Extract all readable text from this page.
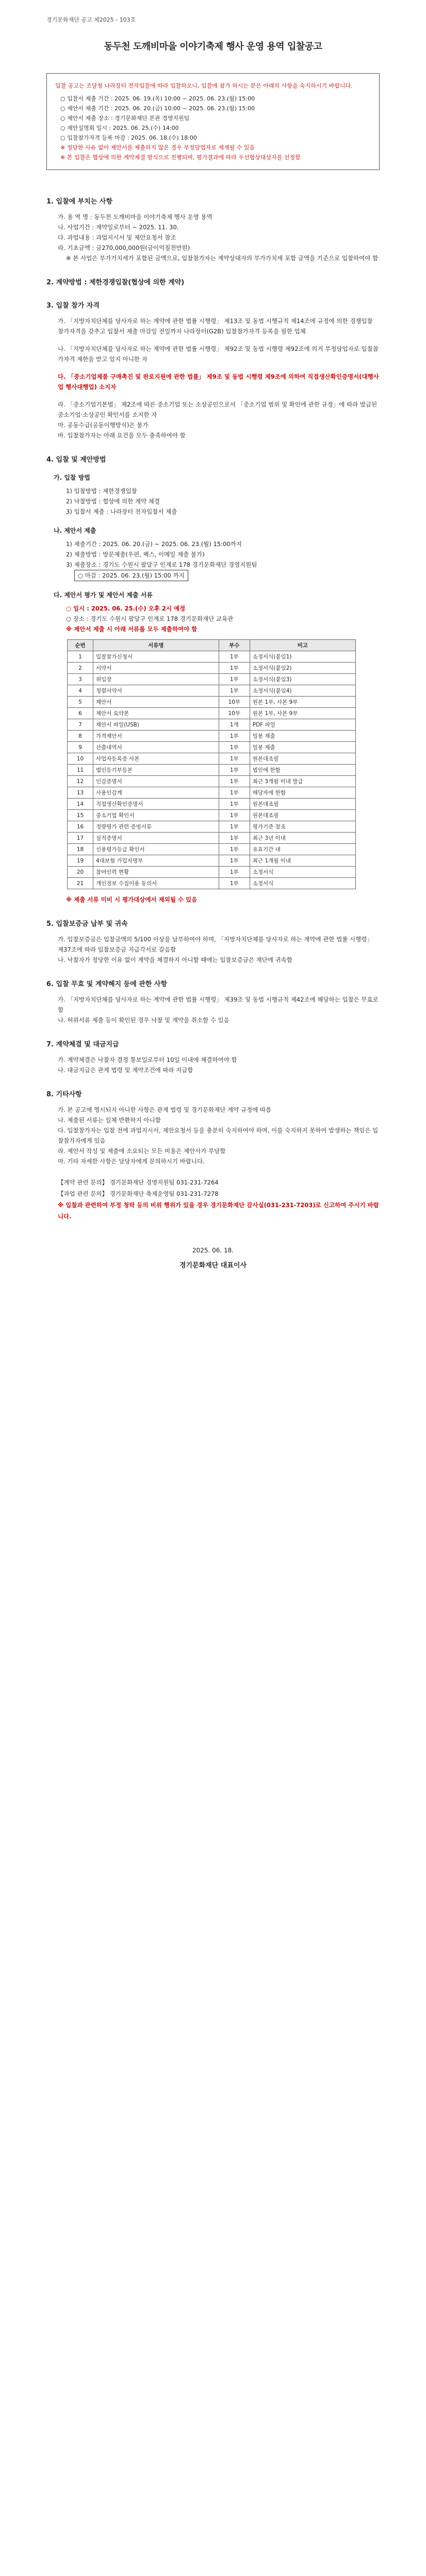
경기문화재단 공고 제2025 - 103호
동두천 도깨비마을 이야기축제 행사 운영 용역 입찰공고
입찰 공고는 조달청 나라장터 전자입찰에 따라 입찰하오니, 입찰에 참가 하시는 분은 아래의 사항을 숙지하시기 바랍니다.
○ 입찰서 제출 기간 : 2025. 06. 19.(목) 10:00 ~ 2025. 06. 23.(월) 15:00
○ 제안서 제출 기간 : 2025. 06. 20.(금) 10:00 ~ 2025. 06. 23.(월) 15:00
○ 제안서 제출 장소 : 경기문화재단 본관 경영지원팀
○ 제안설명회 일시 : 2025. 06. 25.(수) 14:00
○ 입찰참가자격 등록 마감 : 2025. 06. 18.(수) 18:00
※ 정당한 사유 없이 제안서를 제출하지 않은 경우 부정당업자로 제재될 수 있음
※ 본 입찰은 협상에 의한 계약체결 방식으로 진행되며, 평가결과에 따라 우선협상대상자를 선정함
1. 입찰에 부치는 사항

가. 용 역 명 : 동두천 도깨비마을 이야기축제 행사 운영 용역

나. 사업기간 : 계약일로부터 ~ 2025. 11. 30.

다. 과업내용 : 과업지시서 및 제안요청서 참조

라. 기초금액 : 금270,000,000원(금이억칠천만원)

※ 본 사업은 부가가치세가 포함된 금액으로, 입찰참가자는 계약상대자의 부가가치세 포함 금액을 기준으로 입찰하여야 함

2. 계약방법 : 제한경쟁입찰(협상에 의한 계약)
3. 입찰 참가 자격

가. 「지방자치단체를 당사자로 하는 계약에 관한 법률 시행령」 제13조 및 동법 시행규칙 제14조에 규정에 의한 경쟁입찰 참가자격을 갖추고 입찰서 제출 마감일 전일까지 나라장터(G2B) 입찰참가자격 등록을 필한 업체

나. 「지방자치단체를 당사자로 하는 계약에 관한 법률 시행령」 제92조 및 동법 시행령 제92조에 의거 부정당업자로 입찰참가자격 제한을 받고 있지 아니한 자

다. 「중소기업제품 구매촉진 및 판로지원에 관한 법률」 제9조 및 동법 시행령 제9조에 의하여 직접생산확인증명서(대행사업 행사대행업) 소지자

라. 「중소기업기본법」 제2조에 따른 중소기업 또는 소상공인으로서 「중소기업 범위 및 확인에 관한 규정」에 따라 발급된 중소기업·소상공인 확인서를 소지한 자

마. 공동수급(공동이행방식)은 불가

바. 입찰참가자는 아래 요건을 모두 충족하여야 함

4. 입찰 및 제안방법
가. 입찰 방법

1) 입찰방법 : 제한경쟁입찰

2) 낙찰방법 : 협상에 의한 계약 체결

3) 입찰서 제출 : 나라장터 전자입찰서 제출

나. 제안서 제출

1) 제출기간 : 2025. 06. 20.(금) ~ 2025. 06. 23.(월) 15:00까지

2) 제출방법 : 방문제출(우편, 팩스, 이메일 제출 불가)

3) 제출장소 : 경기도 수원시 팔달구 인계로 178 경기문화재단 경영지원팀

○ 마감 : 2025. 06. 23.(월) 15:00 까지
다. 제안서 평가 및 제안서 제출 서류

○ 일시 : 2025. 06. 25.(수) 오후 2시 예정

○ 장소 : 경기도 수원시 팔달구 인계로 178 경기문화재단 교육관

※ 제안서 제출 시 아래 서류를 모두 제출하여야 함

순번	서류명	부수	비고
1	입찰참가신청서	1부	소정서식(붙임1)
2	서약서	1부	소정서식(붙임2)
3	위임장	1부	소정서식(붙임3)
4	청렴서약서	1부	소정서식(붙임4)
5	제안서	10부	원본 1부, 사본 9부
6	제안서 요약본	10부	원본 1부, 사본 9부
7	제안서 파일(USB)	1개	PDF 파일
8	가격제안서	1부	밀봉 제출
9	산출내역서	1부	밀봉 제출
10	사업자등록증 사본	1부	원본대조필
11	법인등기부등본	1부	법인에 한함
12	인감증명서	1부	최근 3개월 이내 발급
13	사용인감계	1부	해당자에 한함
14	직접생산확인증명서	1부	원본대조필
15	중소기업 확인서	1부	원본대조필
16	정량평가 관련 증빙서류	1부	평가기준 참조
17	실적증명서	1부	최근 3년 이내
18	신용평가등급 확인서	1부	유효기간 내
19	4대보험 가입자명부	1부	최근 1개월 이내
20	참여인력 현황	1부	소정서식
21	개인정보 수집이용 동의서	1부	소정서식

※ 제출 서류 미비 시 평가대상에서 제외될 수 있음

5. 입찰보증금 납부 및 귀속

가. 입찰보증금은 입찰금액의 5/100 이상을 납부하여야 하며, 「지방자치단체를 당사자로 하는 계약에 관한 법률 시행령」 제37조에 따라 입찰보증금 지급각서로 갈음함

나. 낙찰자가 정당한 이유 없이 계약을 체결하지 아니할 때에는 입찰보증금은 재단에 귀속함

6. 입찰 무효 및 계약해지 등에 관한 사항

가. 「지방자치단체를 당사자로 하는 계약에 관한 법률 시행령」 제39조 및 동법 시행규칙 제42조에 해당하는 입찰은 무효로 함

나. 허위서류 제출 등이 확인된 경우 낙찰 및 계약을 취소할 수 있음

7. 계약체결 및 대금지급

가. 계약체결은 낙찰자 결정 통보일로부터 10일 이내에 체결하여야 함

나. 대금지급은 관계 법령 및 계약조건에 따라 지급함

8. 기타사항

가. 본 공고에 명시되지 아니한 사항은 관계 법령 및 경기문화재단 계약 규정에 따름

나. 제출된 서류는 일체 반환하지 아니함

다. 입찰참가자는 입찰 전에 과업지시서, 제안요청서 등을 충분히 숙지하여야 하며, 이를 숙지하지 못하여 발생하는 책임은 입찰참가자에게 있음

라. 제안서 작성 및 제출에 소요되는 모든 비용은 제안사가 부담함

마. 기타 자세한 사항은 담당자에게 문의하시기 바랍니다.

【계약 관련 문의】 경기문화재단 경영지원팀 031-231-7264
【과업 관련 문의】 경기문화재단 축제운영팀 031-231-7278
※ 입찰과 관련하여 부정 청탁 등의 비위 행위가 있을 경우 경기문화재단 감사실(031-231-7203)로 신고하여 주시기 바랍니다.
2025. 06. 18.
경기문화재단 대표이사
